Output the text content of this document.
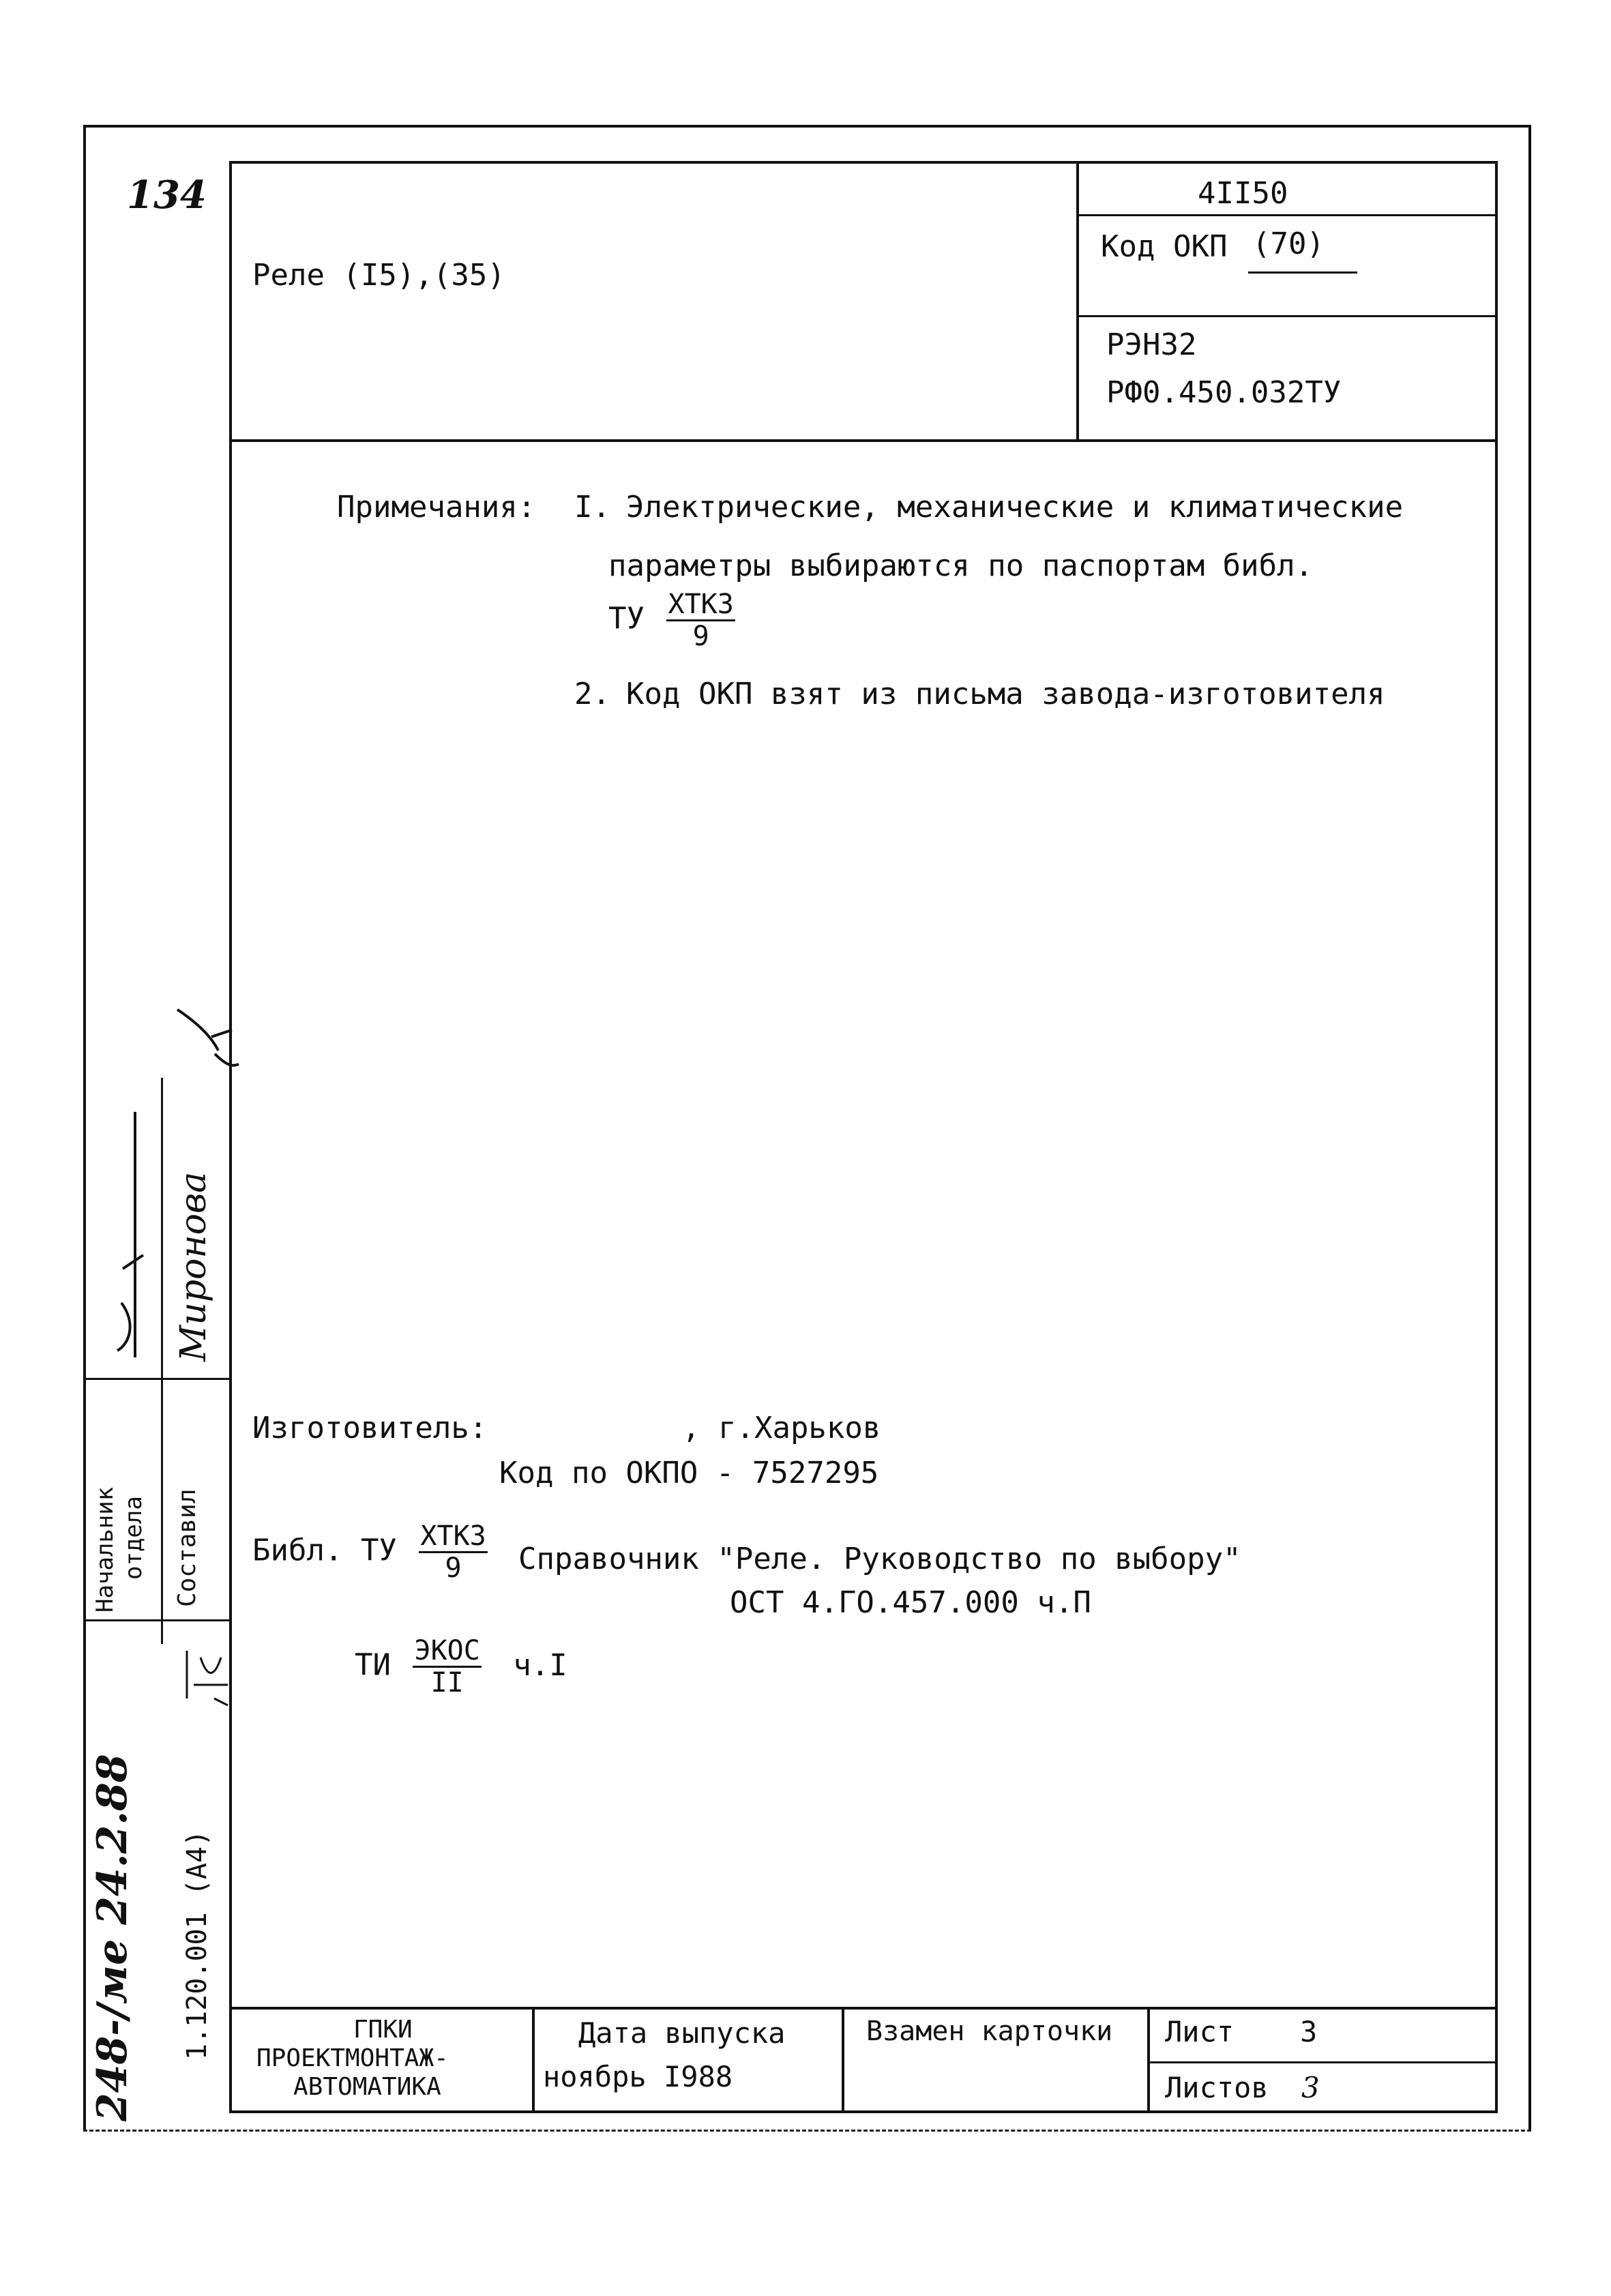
134
Реле (I5),(35)
4II50
Код ОКП (70)
РЭН32
РФ0.450.032ТУ
Примечания: I. Электрические, механические и климатические
параметры выбираются по паспортам библ.
ТУ $\frac{\text{ХТКЗ}}{9}$
2. Код ОКП взят из письма завода-изготовителя
Изготовитель:	, г.Харьков
Код по ОКПО - 7527295
Библ. ТУ $\frac{\text{ХТКЗ}}{9}$ Справочник "Реле. Руководство по выбору"
ОСТ 4.ГО.457.000 ч.П
ТИ $\frac{\text{ЭКОС}}{II} ч.I$
ГПКИ
ПРОЕКТМОНТАЖ-
АВТОМАТИКА
Дата выпуска
ноябрь I988
Взамен карточки Лист 3
Листов 3
Начальник отдела Составил
Миронова
1.120.001 (А4)
248-/ме 24.2.88
